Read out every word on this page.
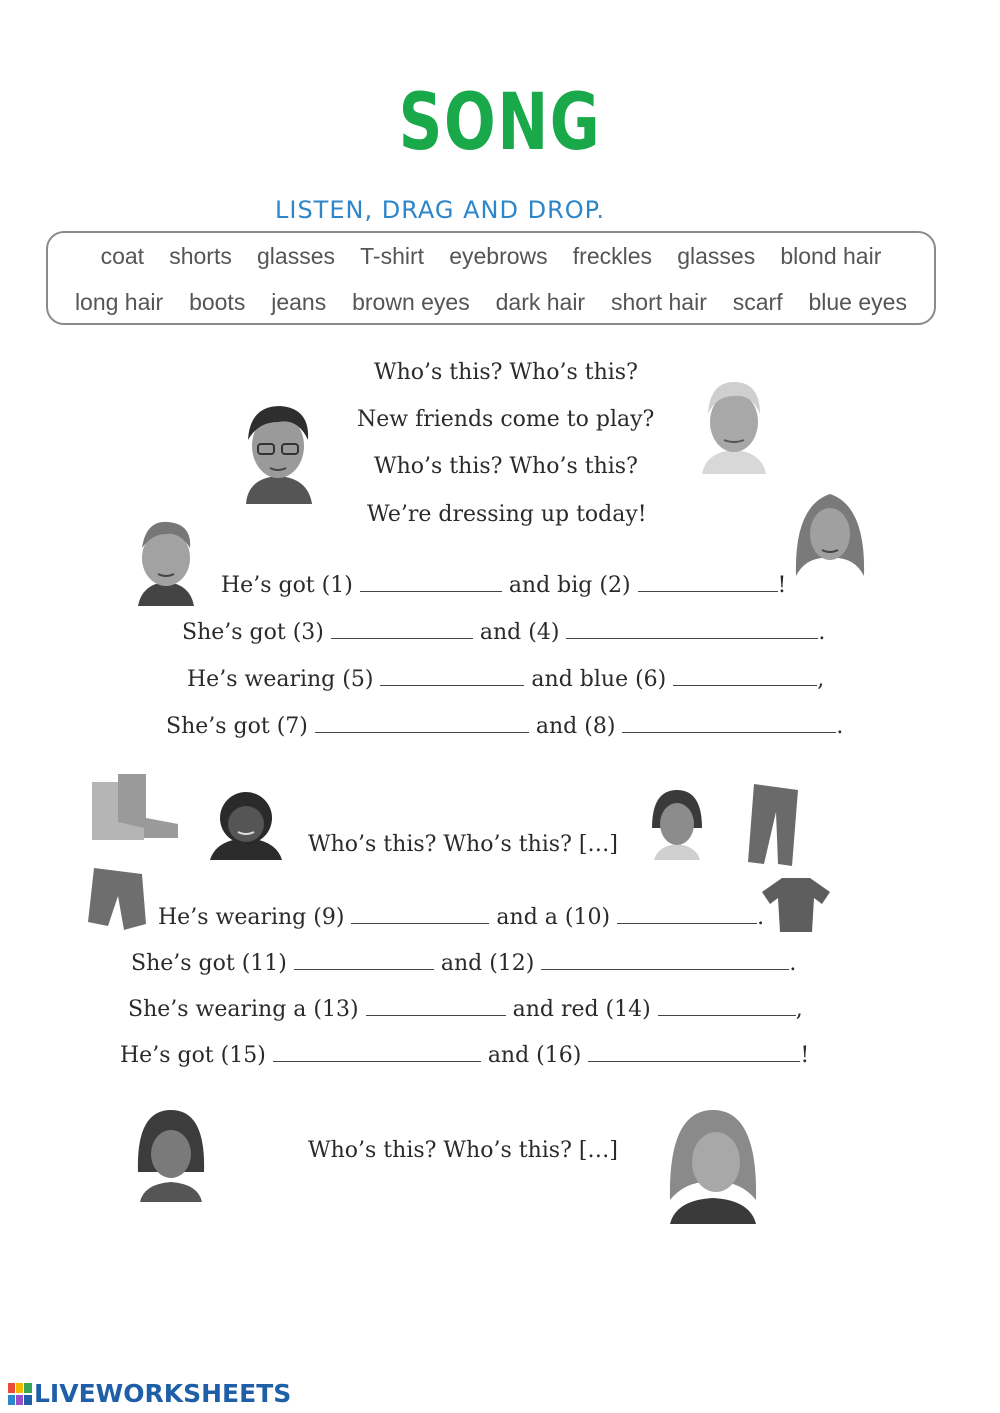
SONG
LISTEN, DRAG AND DROP.
coat shorts glasses T-shirt eyebrows freckles glasses blond hair
long hair boots jeans brown eyes dark hair short hair scarf blue eyes
Who’s this? Who’s this?
New friends come to play?
Who’s this? Who’s this?
We’re dressing up today!
He’s got (1)	and big (2)	!
She’s got (3)	and (4)	.
He’s wearing (5)	and blue (6)	,
She’s got (7)	and (8)	.
Who’s this? Who’s this? […]
He’s wearing (9)	and a (10)	.
She’s got (11)	and (12)	.
She’s wearing a (13)	and red (14)	,
He’s got (15)	and (16)	!
Who’s this? Who’s this? […]
LIVEWORKSHEETS
